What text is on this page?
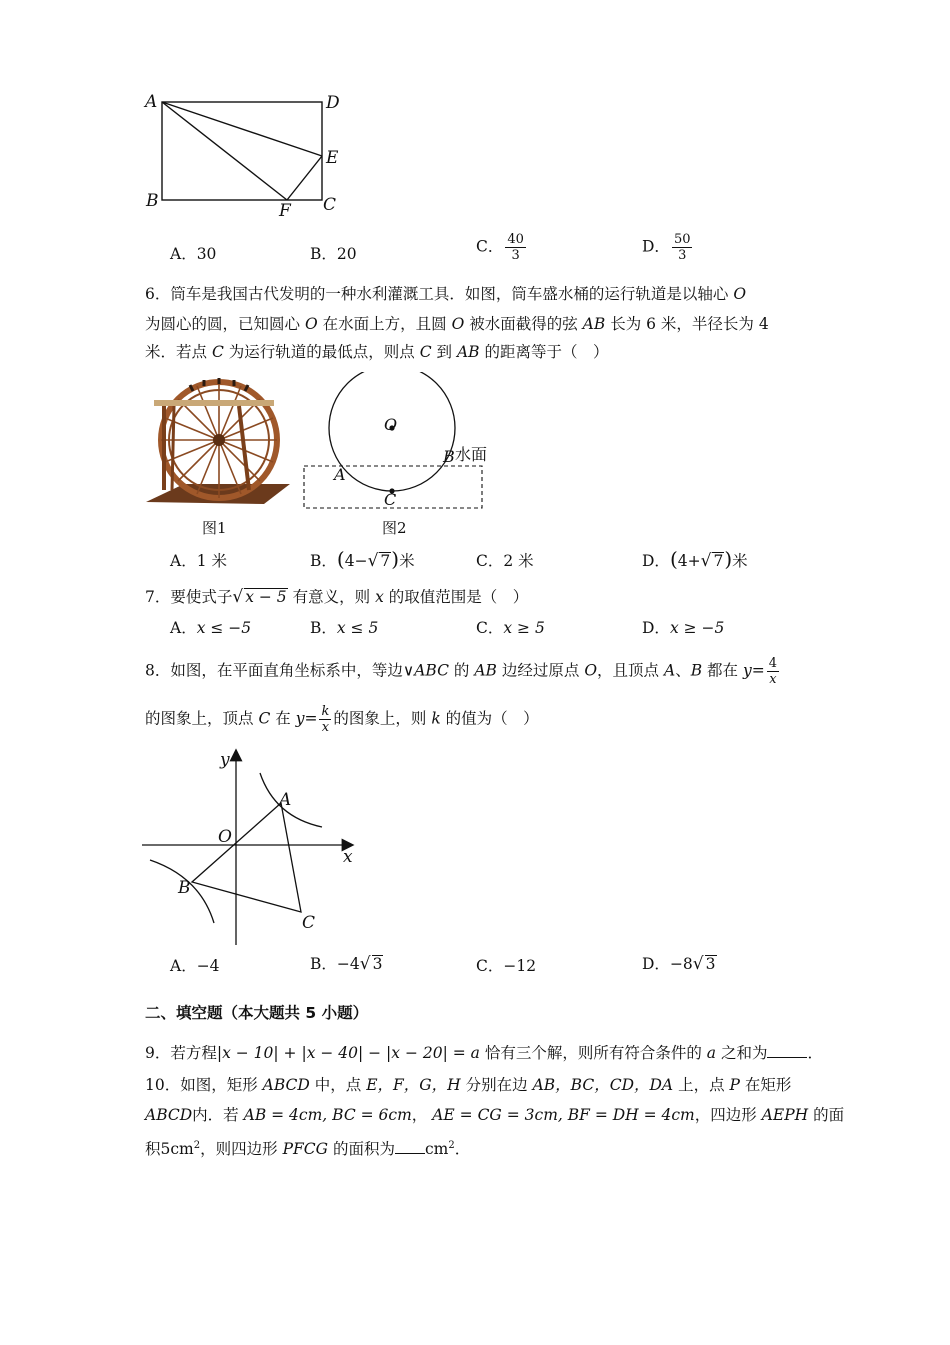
A	D
E
B	C
F
A．30	B．20	C． $\frac{40}{3}$	D． $\frac{50}{3}$
6．筒车是我国古代发明的一种水利灌溉工具．如图，筒车盛水桶的运行轨道是以轴心 O
为圆心的圆，已知圆心 O 在水面上方，且圆 O 被水面截得的弦 AB 长为 6 米，半径长为 4
米．若点 C 为运行轨道的最低点，则点 C 到 AB 的距离等于（　）
图1
O
A
B
C
水面
图2
A．1 米	B．(4−√ 7)米	C．2 米	D．(4+√ 7)米
7．要使式子√ x − 5 有意义，则 x 的取值范围是（　）
A．x ≤ −5	B．x ≤ 5	C．x ≥ 5	D．x ≥ −5
8．如图，在平面直角坐标系中，等边∨ABC 的 AB 边经过原点 O，且顶点 A、B 都在 $y= \frac{4}{x}$
的图象上，顶点 C 在 $y= \frac{k}{x}$ 的图象上，则 k 的值为（　）
y
x
O
A
B
C
A．−4	B．−4√ 3	C．−12	D．−8√ 3
二、填空题（本大题共 5 小题）
9．若方程|x − 10| + |x − 40| − |x − 20| = a 恰有三个解，则所有符合条件的 a 之和为	．
10．如图，矩形 ABCD 中，点 E，F，G，H 分别在边 AB，BC，CD，DA 上，点 P 在矩形
ABCD内．若 AB = 4cm, BC = 6cm， AE = CG = 3cm, BF = DH = 4cm，四边形 AEPH 的面
积$5cm^2$，则四边形 PFCG 的面积为 $cm^2$．
